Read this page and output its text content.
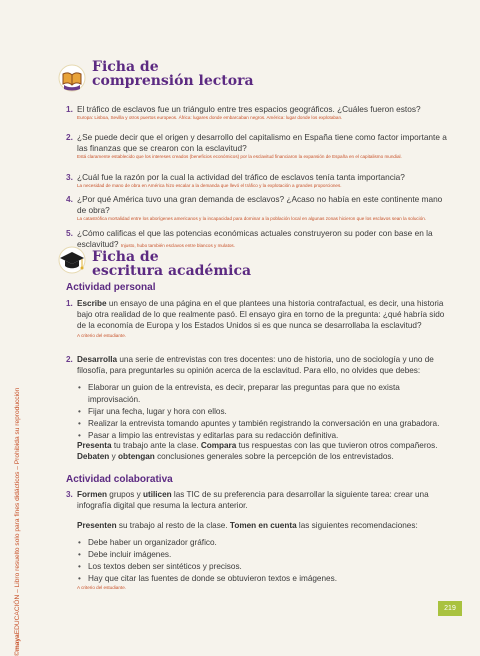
©mayaEDUCACIÓN – Libro resuelto solo para fines didácticos – Prohibida su reproducción
Ficha de
comprensión lectora
1. El tráfico de esclavos fue un triángulo entre tres espacios geográficos. ¿Cuáles fueron estos?
Europa: Lisboa, Sevilla y otros puertos europeos. África: lugares donde embarcaban negros. América: lugar donde los explotaban.
2. ¿Se puede decir que el origen y desarrollo del capitalismo en España tiene como factor importante a las finanzas que se crearon con la esclavitud?
Está claramente establecido que los intereses creados (beneficios económicos) por la esclavitud financiaron la expansión de España en el capitalismo mundial.
3. ¿Cuál fue la razón por la cual la actividad del tráfico de esclavos tenía tanta importancia?
La necesidad de mano de obra en América hizo escalar a la demanda que llevó el tráfico y la explotación a grandes proporciones.
4. ¿Por qué América tuvo una gran demanda de esclavos? ¿Acaso no había en este continente mano de obra?
La catastrófica mortalidad entre los aborígenes americanos y la incapacidad para dominar a la población local en algunas zonas hicieron que los esclavos sean la solución.
5. ¿Cómo calificas el que las potencias económicas actuales construyeron su poder con base en la esclavitud? Injusto, hubo también esclavos entre blancos y mulatos.
Ficha de
escritura académica
Actividad personal
1. Escribe un ensayo de una página en el que plantees una historia contrafactual, es decir, una historia bajo otra realidad de lo que realmente pasó. El ensayo gira en torno de la pregunta: ¿qué habría sido de la economía de Europa y los Estados Unidos si es que nunca se desarrollaba la esclavitud?
A criterio del estudiante.
2. Desarrolla una serie de entrevistas con tres docentes: uno de historia, uno de sociología y uno de filosofía, para preguntarles su opinión acerca de la esclavitud. Para ello, no olvides que debes:
• Elaborar un guion de la entrevista, es decir, preparar las preguntas para que no exista improvisación.
• Fijar una fecha, lugar y hora con ellos.
• Realizar la entrevista tomando apuntes y también registrando la conversación en una grabadora.
• Pasar a limpio las entrevistas y editarlas para su redacción definitiva.
Presenta tu trabajo ante la clase. Compara tus respuestas con las que tuvieron otros compañeros. Debaten y obtengan conclusiones generales sobre la percepción de los entrevistados.
Actividad colaborativa
3. Formen grupos y utilicen las TIC de su preferencia para desarrollar la siguiente tarea: crear una infografía digital que resuma la lectura anterior.
Presenten su trabajo al resto de la clase. Tomen en cuenta las siguientes recomendaciones:
• Debe haber un organizador gráfico.
• Debe incluir imágenes.
• Los textos deben ser sintéticos y precisos.
• Hay que citar las fuentes de donde se obtuvieron textos e imágenes.
A criterio del estudiante.
219
